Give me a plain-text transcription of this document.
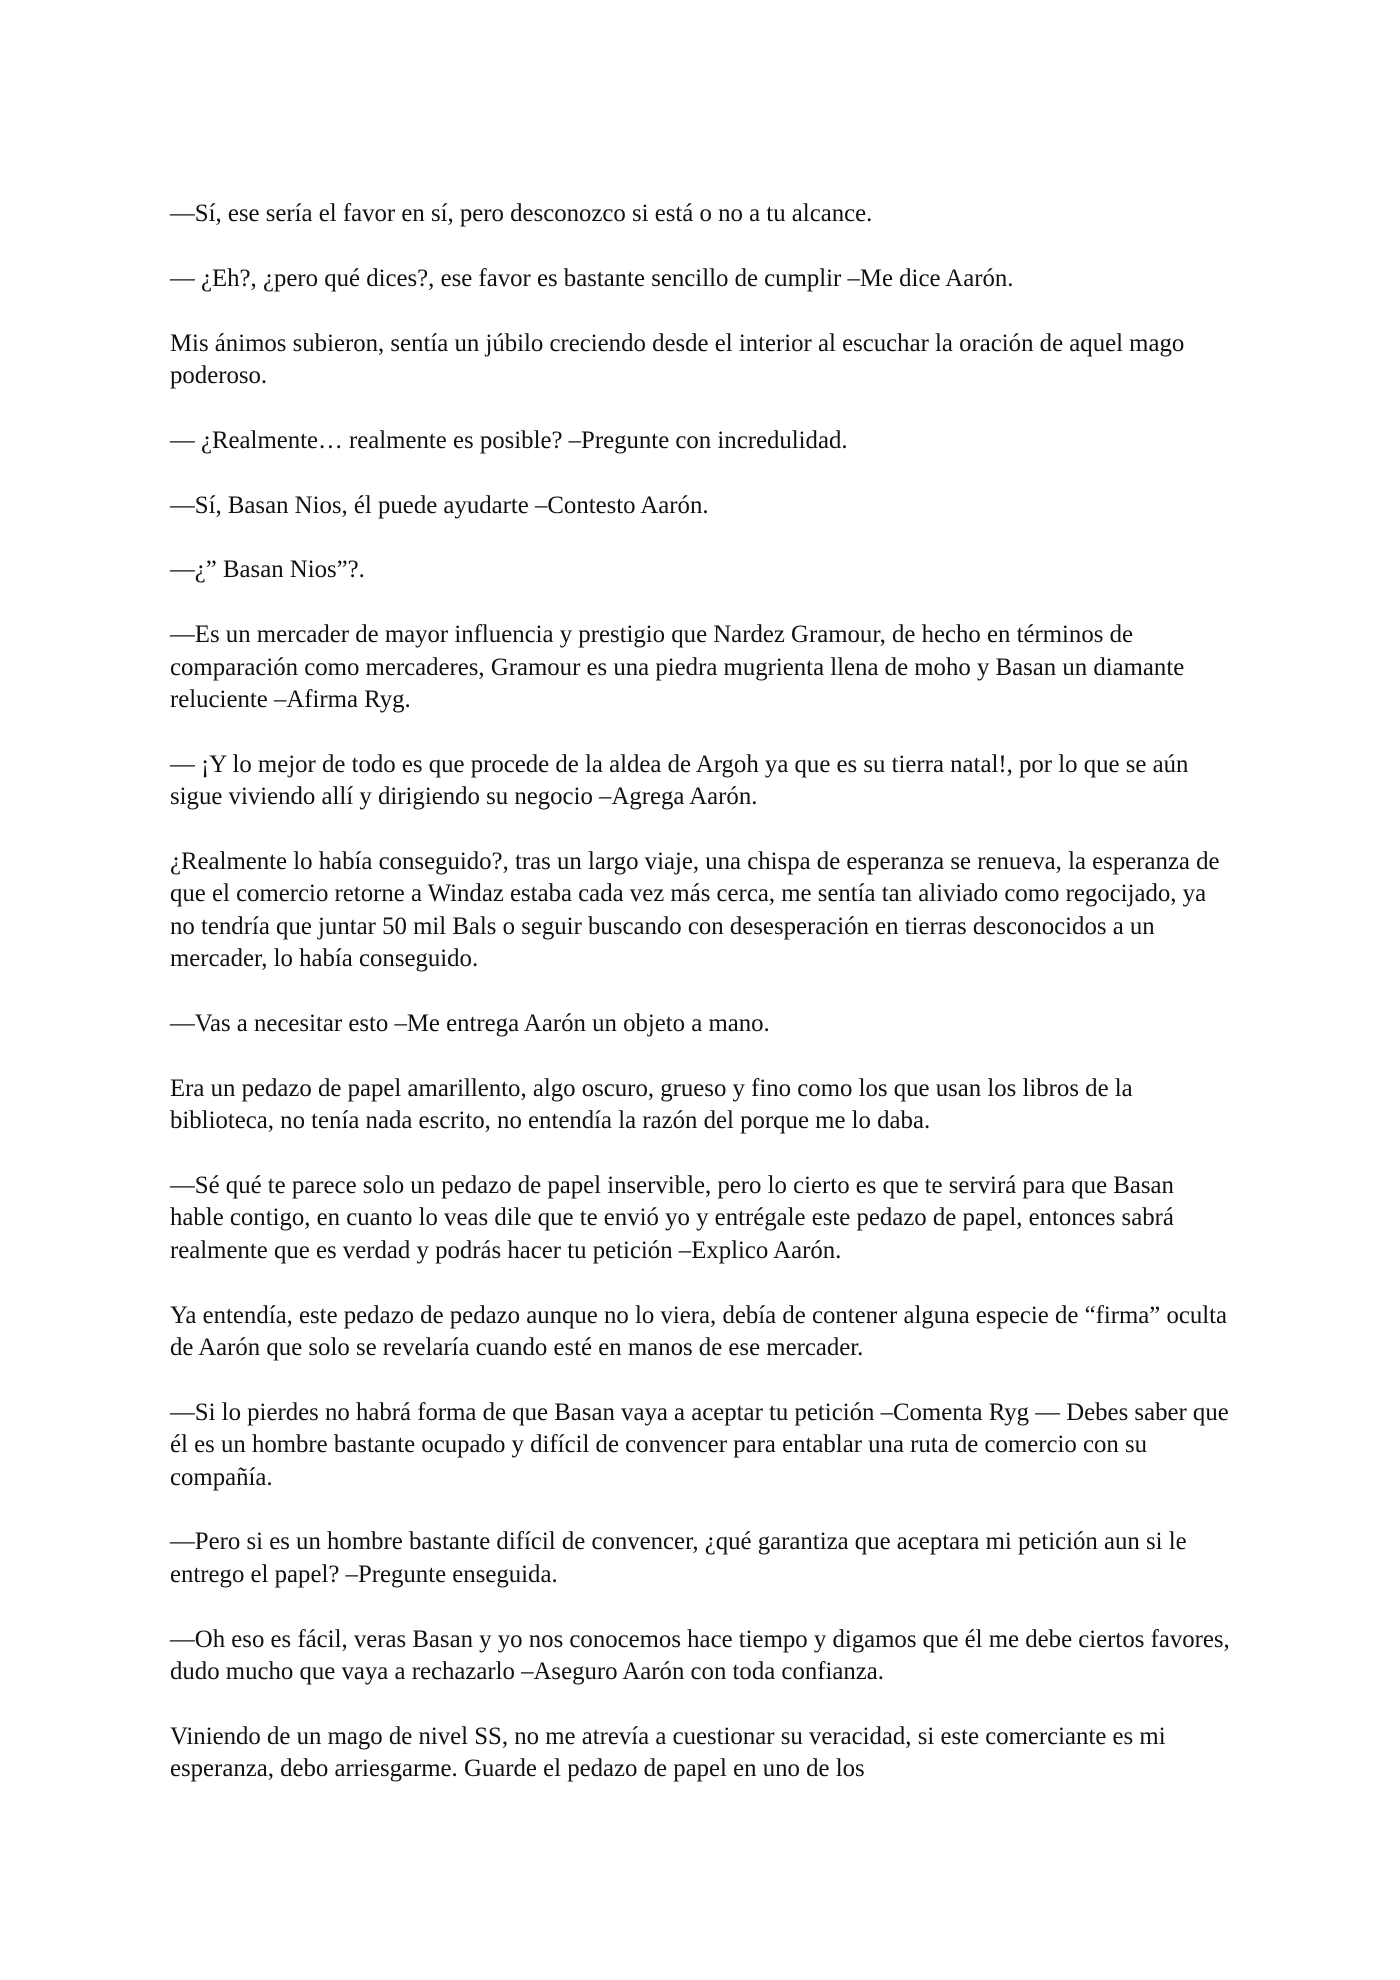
—Sí, ese sería el favor en sí, pero desconozco si está o no a tu alcance.

— ¿Eh?, ¿pero qué dices?, ese favor es bastante sencillo de cumplir –Me dice Aarón.

Mis ánimos subieron, sentía un júbilo creciendo desde el interior al escuchar la oración de aquel mago poderoso.

— ¿Realmente… realmente es posible? –Pregunte con incredulidad.

—Sí, Basan Nios, él puede ayudarte –Contesto Aarón.

—¿” Basan Nios”?.

—Es un mercader de mayor influencia y prestigio que Nardez Gramour, de hecho en términos de comparación como mercaderes, Gramour es una piedra mugrienta llena de moho y Basan un diamante reluciente –Afirma Ryg.

— ¡Y lo mejor de todo es que procede de la aldea de Argoh ya que es su tierra natal!, por lo que se aún sigue viviendo allí y dirigiendo su negocio –Agrega Aarón.

¿Realmente lo había conseguido?, tras un largo viaje, una chispa de esperanza se renueva, la esperanza de que el comercio retorne a Windaz estaba cada vez más cerca, me sentía tan aliviado como regocijado, ya no tendría que juntar 50 mil Bals o seguir buscando con desesperación en tierras desconocidos a un mercader, lo había conseguido.

—Vas a necesitar esto –Me entrega Aarón un objeto a mano.

Era un pedazo de papel amarillento, algo oscuro, grueso y fino como los que usan los libros de la biblioteca, no tenía nada escrito, no entendía la razón del porque me lo daba.

—Sé qué te parece solo un pedazo de papel inservible, pero lo cierto es que te servirá para que Basan hable contigo, en cuanto lo veas dile que te envió yo y entrégale este pedazo de papel, entonces sabrá realmente que es verdad y podrás hacer tu petición –Explico Aarón.

Ya entendía, este pedazo de pedazo aunque no lo viera, debía de contener alguna especie de “firma” oculta de Aarón que solo se revelaría cuando esté en manos de ese mercader.

—Si lo pierdes no habrá forma de que Basan vaya a aceptar tu petición –Comenta Ryg — Debes saber que él es un hombre bastante ocupado y difícil de convencer para entablar una ruta de comercio con su compañía.

—Pero si es un hombre bastante difícil de convencer, ¿qué garantiza que aceptara mi petición aun si le entrego el papel? –Pregunte enseguida.

—Oh eso es fácil, veras Basan y yo nos conocemos hace tiempo y digamos que él me debe ciertos favores, dudo mucho que vaya a rechazarlo –Aseguro Aarón con toda confianza.

Viniendo de un mago de nivel SS, no me atrevía a cuestionar su veracidad, si este comerciante es mi esperanza, debo arriesgarme. Guarde el pedazo de papel en uno de los
